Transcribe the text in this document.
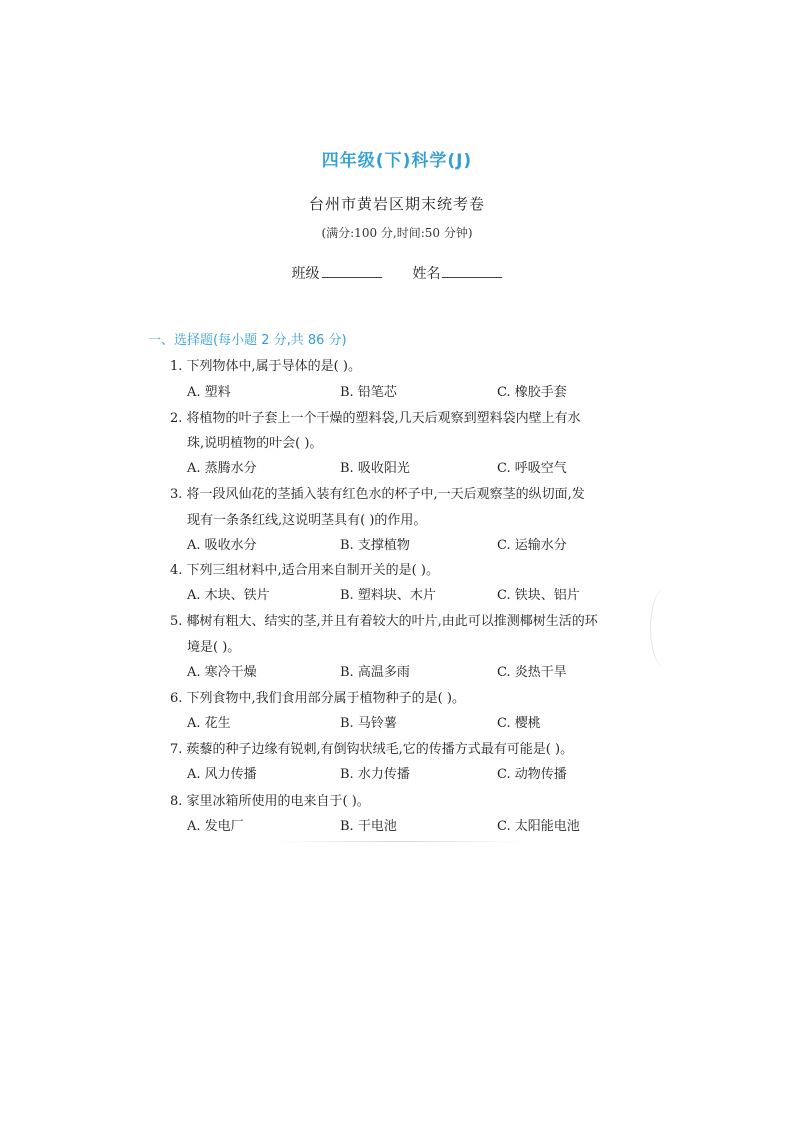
四年级(下)科学(J)
台州市黄岩区期末统考卷
(满分:100 分,时间:50 分钟)
班级	姓名
一、选择题(每小题 2 分,共 86 分)
1. 下列物体中,属于导体的是( )。
A. 塑料	B. 铅笔芯	C. 橡胶手套
2. 将植物的叶子套上一个干燥的塑料袋,几天后观察到塑料袋内壁上有水
珠,说明植物的叶会( )。
A. 蒸腾水分	B. 吸收阳光	C. 呼吸空气
3. 将一段风仙花的茎插入装有红色水的杯子中,一天后观察茎的纵切面,发
现有一条条红线,这说明茎具有( )的作用。
A. 吸收水分	B. 支撑植物	C. 运输水分
4. 下列三组材料中,适合用来自制开关的是( )。
A. 木块、铁片	B. 塑料块、木片	C. 铁块、铝片
5. 椰树有粗大、结实的茎,并且有着较大的叶片,由此可以推测椰树生活的环
境是( )。
A. 寒冷干燥	B. 高温多雨	C. 炎热干旱
6. 下列食物中,我们食用部分属于植物种子的是( )。
A. 花生	B. 马铃薯	C. 樱桃
7. 蒺藜的种子边缘有锐刺,有倒钩状绒毛,它的传播方式最有可能是( )。
A. 风力传播	B. 水力传播	C. 动物传播
8. 家里冰箱所使用的电来自于( )。
A. 发电厂	B. 干电池	C. 太阳能电池
